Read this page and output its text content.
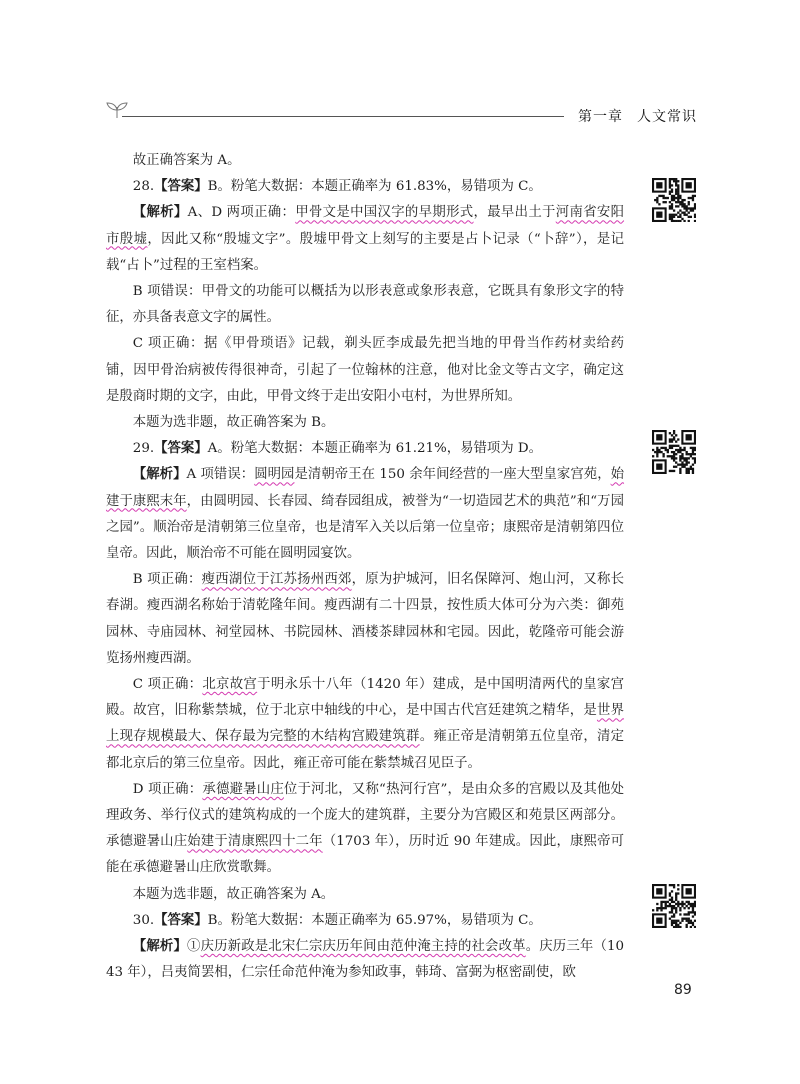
第一章 人文常识

故正确答案为 A。

28.【答案】B。粉笔大数据：本题正确率为 61.83%，易错项为 C。

【解析】A、D 两项正确：甲骨文是中国汉字的早期形式，最早出土于河南省安阳市殷墟，因此又称“殷墟文字”。殷墟甲骨文上刻写的主要是占卜记录（“卜辞”），是记载“占卜”过程的王室档案。

B 项错误：甲骨文的功能可以概括为以形表意或象形表意，它既具有象形文字的特征，亦具备表意文字的属性。

C 项正确：据《甲骨琐语》记载，剃头匠李成最先把当地的甲骨当作药材卖给药铺，因甲骨治病被传得很神奇，引起了一位翰林的注意，他对比金文等古文字，确定这是殷商时期的文字，由此，甲骨文终于走出安阳小屯村，为世界所知。

本题为选非题，故正确答案为 B。

29.【答案】A。粉笔大数据：本题正确率为 61.21%，易错项为 D。

【解析】A 项错误：圆明园是清朝帝王在 150 余年间经营的一座大型皇家宫苑，始建于康熙末年，由圆明园、长春园、绮春园组成，被誉为“一切造园艺术的典范”和“万园之园”。顺治帝是清朝第三位皇帝，也是清军入关以后第一位皇帝；康熙帝是清朝第四位皇帝。因此，顺治帝不可能在圆明园宴饮。

B 项正确：瘦西湖位于江苏扬州西郊，原为护城河，旧名保障河、炮山河，又称长春湖。瘦西湖名称始于清乾隆年间。瘦西湖有二十四景，按性质大体可分为六类：御苑园林、寺庙园林、祠堂园林、书院园林、酒楼茶肆园林和宅园。因此，乾隆帝可能会游览扬州瘦西湖。

C 项正确：北京故宫于明永乐十八年（1420 年）建成，是中国明清两代的皇家宫殿。故宫，旧称紫禁城，位于北京中轴线的中心，是中国古代宫廷建筑之精华，是世界上现存规模最大、保存最为完整的木结构宫殿建筑群。雍正帝是清朝第五位皇帝，清定都北京后的第三位皇帝。因此，雍正帝可能在紫禁城召见臣子。

D 项正确：承德避暑山庄位于河北，又称“热河行宫”，是由众多的宫殿以及其他处理政务、举行仪式的建筑构成的一个庞大的建筑群，主要分为宫殿区和苑景区两部分。承德避暑山庄始建于清康熙四十二年（1703 年），历时近 90 年建成。因此，康熙帝可能在承德避暑山庄欣赏歌舞。

本题为选非题，故正确答案为 A。

30.【答案】B。粉笔大数据：本题正确率为 65.97%，易错项为 C。

【解析】①庆历新政是北宋仁宗庆历年间由范仲淹主持的社会改革。庆历三年（1043 年），吕夷简罢相，仁宗任命范仲淹为参知政事，韩琦、富弼为枢密副使，欧

89
